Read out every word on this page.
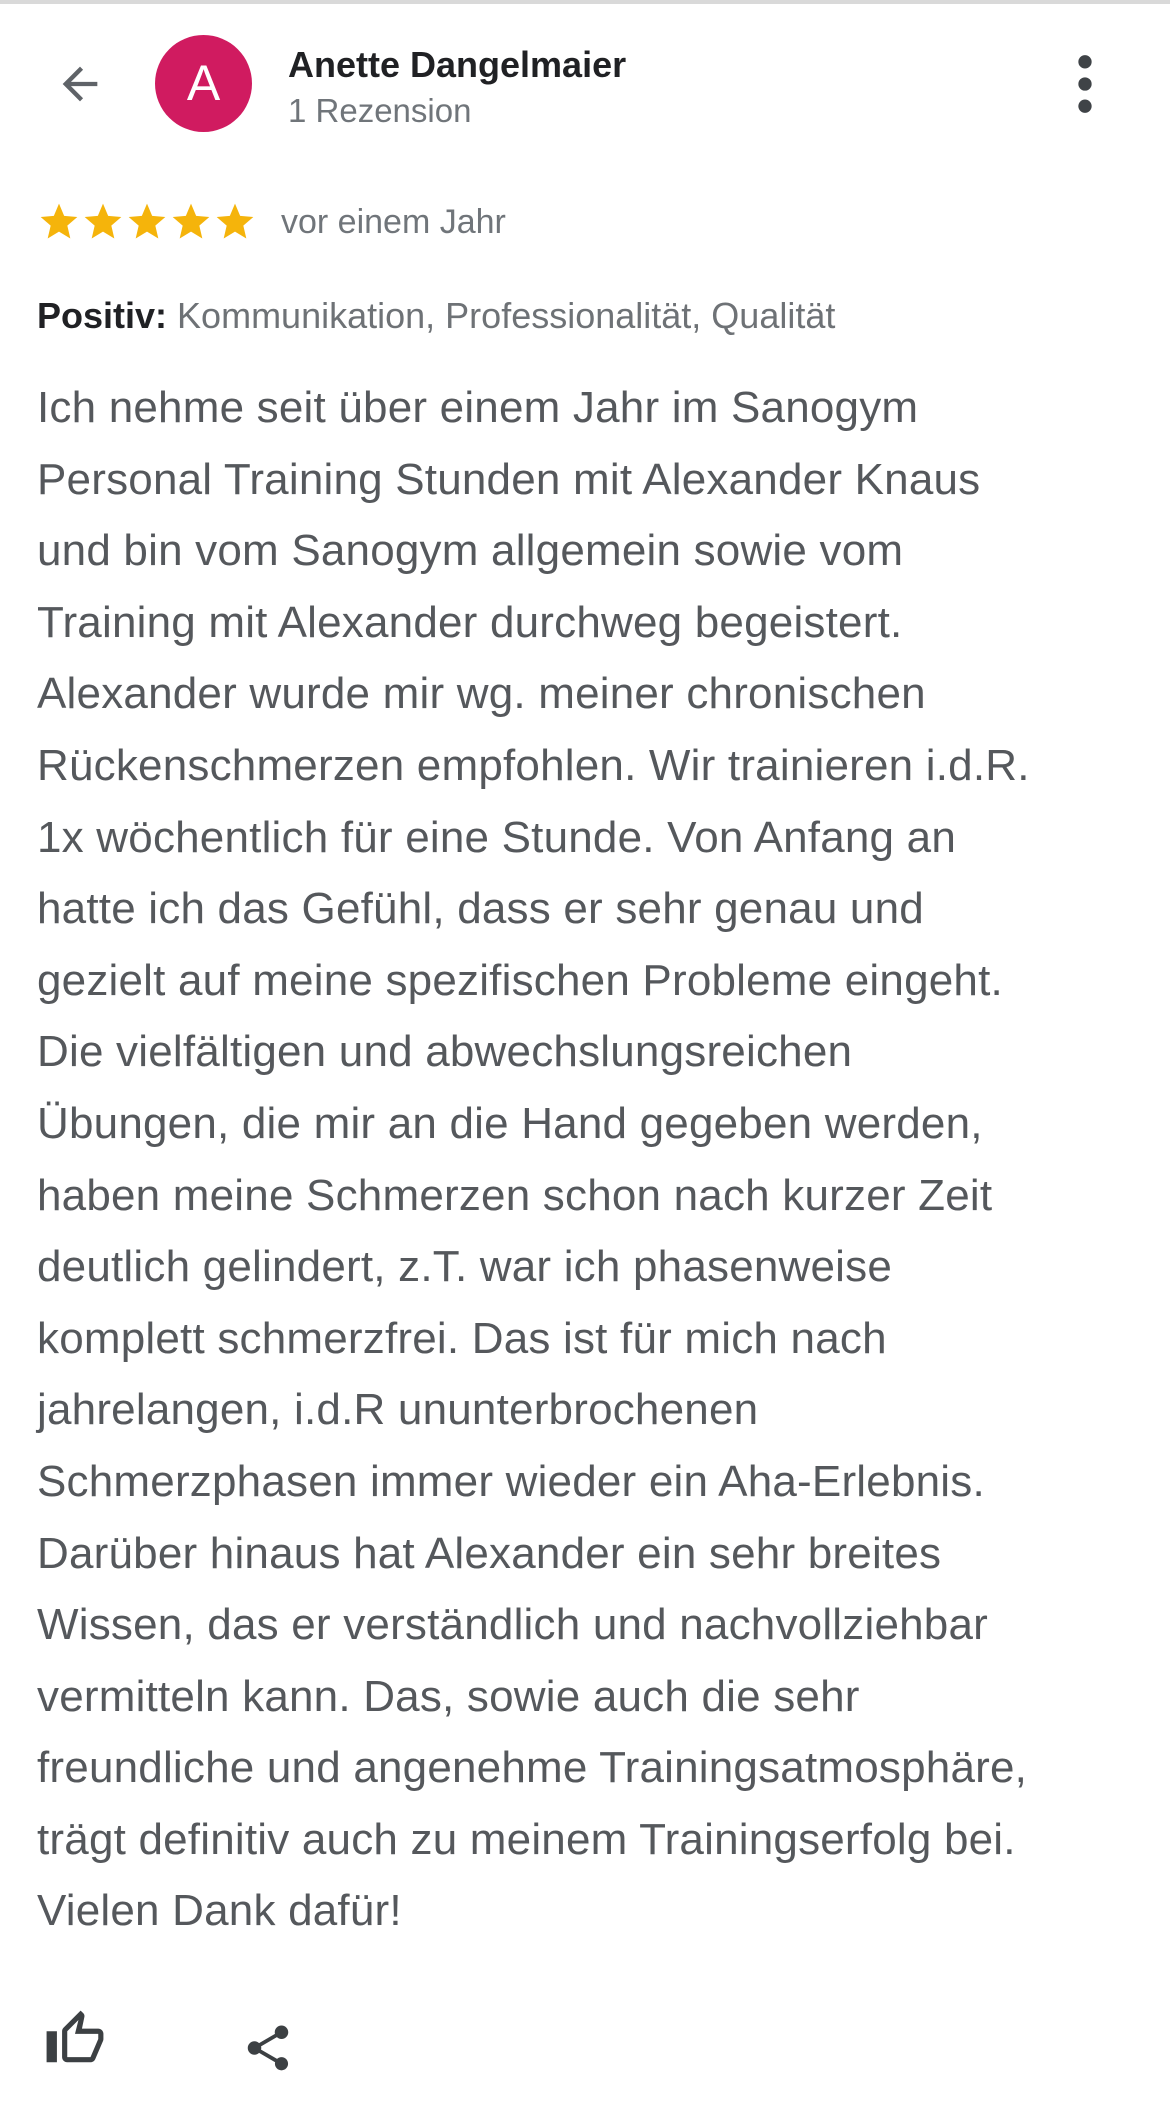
A Anette Dangelmaier
1 Rezension
vor einem Jahr
Positiv: Kommunikation, Professionalität, Qualität
Ich nehme seit über einem Jahr im Sanogym
Personal Training Stunden mit Alexander Knaus
und bin vom Sanogym allgemein sowie vom
Training mit Alexander durchweg begeistert.
Alexander wurde mir wg. meiner chronischen
Rückenschmerzen empfohlen. Wir trainieren i.d.R.
1x wöchentlich für eine Stunde. Von Anfang an
hatte ich das Gefühl, dass er sehr genau und
gezielt auf meine spezifischen Probleme eingeht.
Die vielfältigen und abwechslungsreichen
Übungen, die mir an die Hand gegeben werden,
haben meine Schmerzen schon nach kurzer Zeit
deutlich gelindert, z.T. war ich phasenweise
komplett schmerzfrei. Das ist für mich nach
jahrelangen, i.d.R ununterbrochenen
Schmerzphasen immer wieder ein Aha-Erlebnis.
Darüber hinaus hat Alexander ein sehr breites
Wissen, das er verständlich und nachvollziehbar
vermitteln kann. Das, sowie auch die sehr
freundliche und angenehme Trainingsatmosphäre,
trägt definitiv auch zu meinem Trainingserfolg bei.
Vielen Dank dafür!
